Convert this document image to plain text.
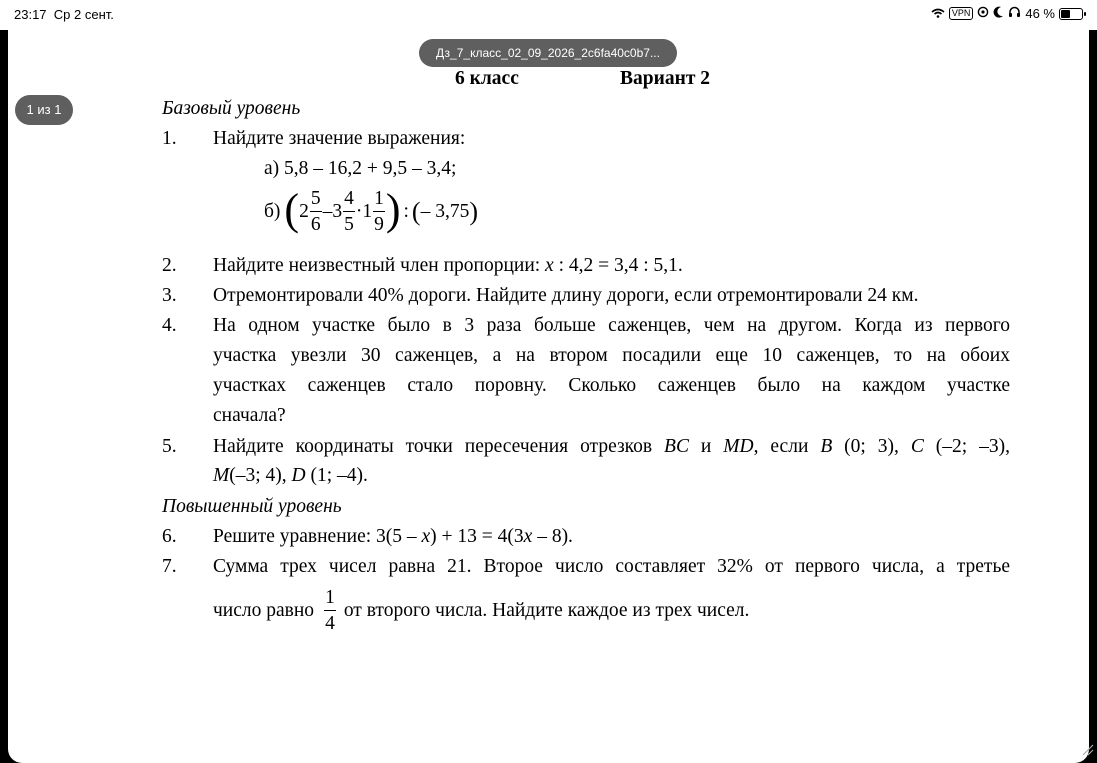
23:17 Ср 2 сент.	VPN	46 %
Дз_7_класс_02_09_2026_2c6fa40c0b7...
1 из 1
6 класс	Вариант 2
Базовый уровень
1. Найдите значение выражения:
а) 5,8 – 16,2 + 9,5 – 3,4;
б) ( $2 \frac{5}{6} - 3 \frac{4}{5} \cdot 1 \frac{1}{9}$ ) : ( – 3,75 )
2. Найдите неизвестный член пропорции: x : 4,2 = 3,4 : 5,1.
3. Отремонтировали 40% дороги. Найдите длину дороги, если отремонтировали 24 км.
4. На одном участке было в 3 раза больше саженцев, чем на другом. Когда из первого
участка увезли 30 саженцев, а на втором посадили еще 10 саженцев, то на обоих
участках саженцев стало поровну. Сколько саженцев было на каждом участке
сначала?
5. Найдите координаты точки пересечения отрезков BC и MD, если B (0; 3), C (–2; –3),
M(–3; 4), D (1; –4).
Повышенный уровень
6. Решите уравнение: 3(5 – x) + 13 = 4(3x – 8).
7. Сумма трех чисел равна 21. Второе число составляет 32% от первого числа, а третье
число равно $\frac{1}{4}$ от второго числа. Найдите каждое из трех чисел.
